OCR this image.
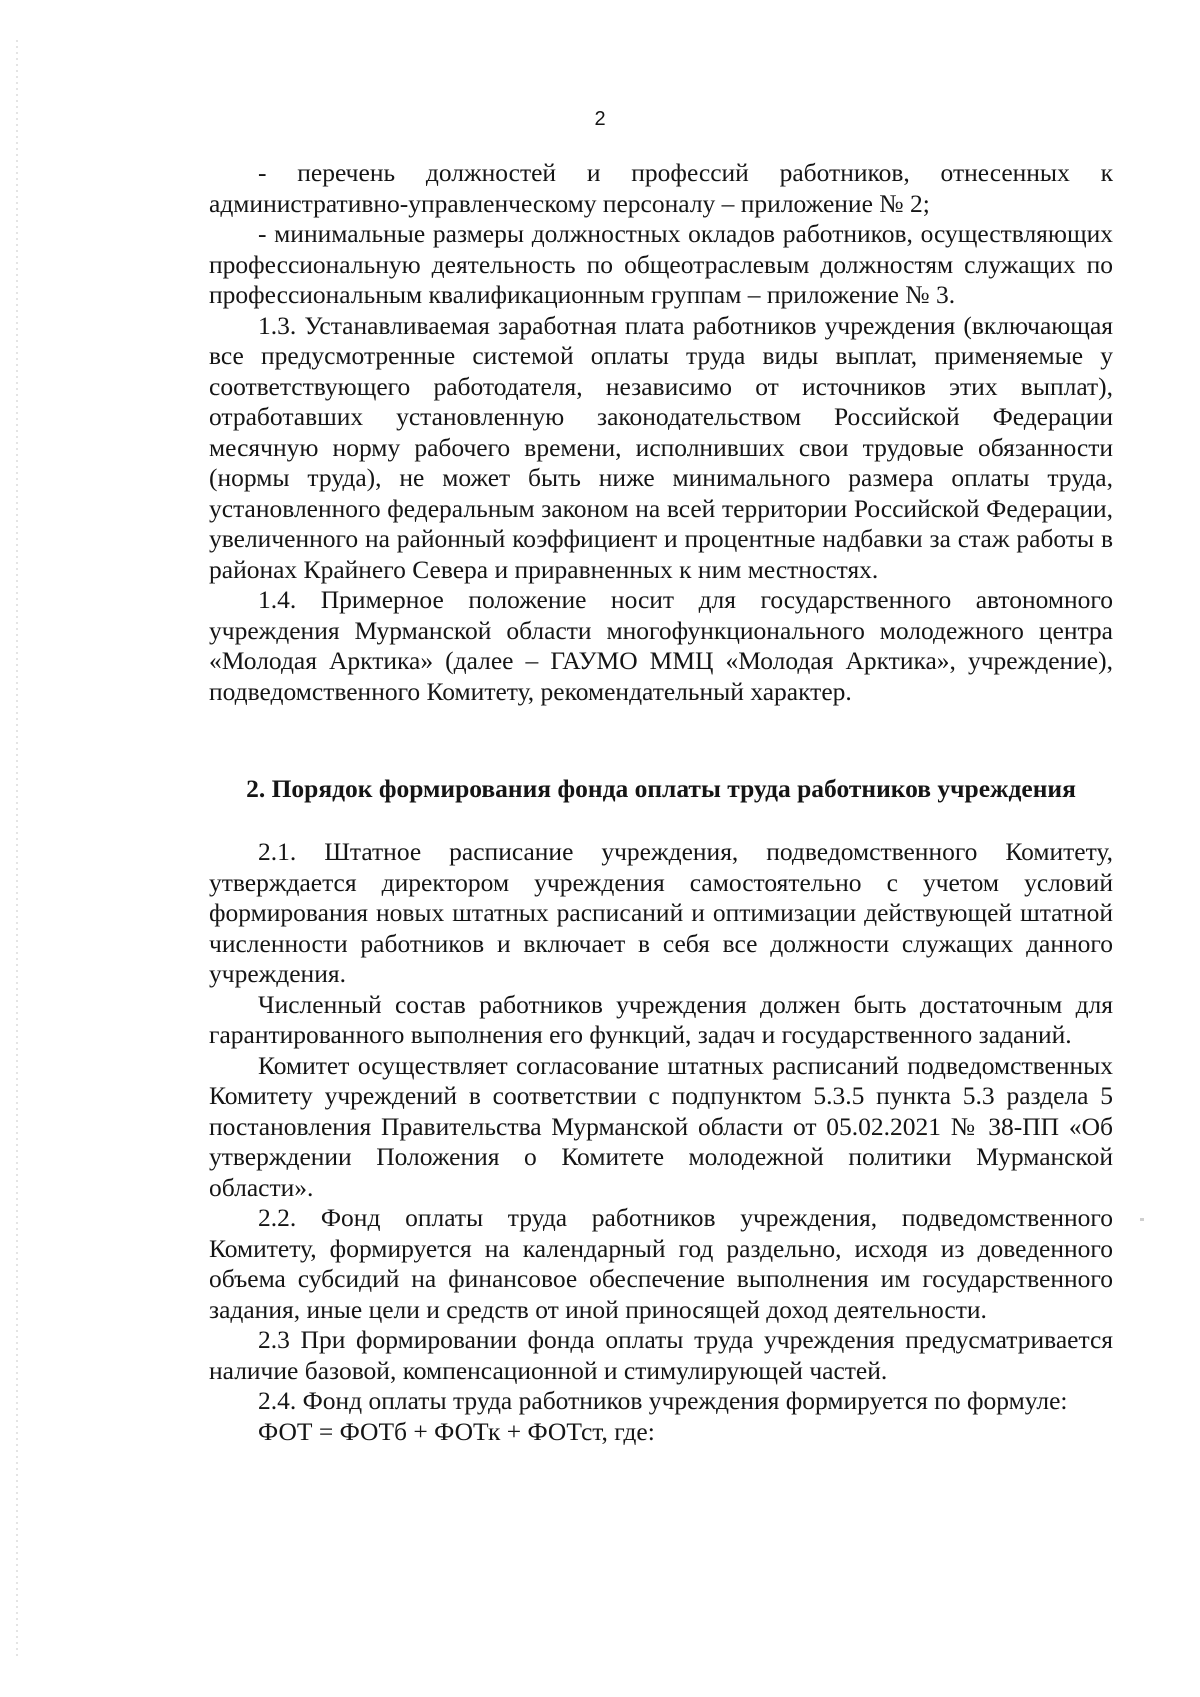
2

- перечень должностей и профессий работников, отнесенных к административно-управленческому персоналу – приложение № 2;

- минимальные размеры должностных окладов работников, осуществляющих профессиональную деятельность по общеотраслевым должностям служащих по профессиональным квалификационным группам – приложение № 3.

1.3. Устанавливаемая заработная плата работников учреждения (включающая все предусмотренные системой оплаты труда виды выплат, применяемые у соответствующего работодателя, независимо от источников этих выплат), отработавших установленную законодательством Российской Федерации месячную норму рабочего времени, исполнивших свои трудовые обязанности (нормы труда), не может быть ниже минимального размера оплаты труда, установленного федеральным законом на всей территории Российской Федерации, увеличенного на районный коэффициент и процентные надбавки за стаж работы в районах Крайнего Севера и приравненных к ним местностях.

1.4. Примерное положение носит для государственного автономного учреждения Мурманской области многофункционального молодежного центра «Молодая Арктика» (далее – ГАУМО ММЦ «Молодая Арктика», учреждение), подведомственного Комитету, рекомендательный характер.

2. Порядок формирования фонда оплаты труда работников учреждения

2.1. Штатное расписание учреждения, подведомственного Комитету, утверждается директором учреждения самостоятельно с учетом условий формирования новых штатных расписаний и оптимизации действующей штатной численности работников и включает в себя все должности служащих данного учреждения.

Численный состав работников учреждения должен быть достаточным для гарантированного выполнения его функций, задач и государственного заданий.

Комитет осуществляет согласование штатных расписаний подведомственных Комитету учреждений в соответствии с подпунктом 5.3.5 пункта 5.3 раздела 5 постановления Правительства Мурманской области от 05.02.2021 № 38-ПП «Об утверждении Положения о Комитете молодежной политики Мурманской области».

2.2. Фонд оплаты труда работников учреждения, подведомственного Комитету, формируется на календарный год раздельно, исходя из доведенного объема субсидий на финансовое обеспечение выполнения им государственного задания, иные цели и средств от иной приносящей доход деятельности.

2.3 При формировании фонда оплаты труда учреждения предусматривается наличие базовой, компенсационной и стимулирующей частей.

2.4. Фонд оплаты труда работников учреждения формируется по формуле:

ФОТ = ФОТб + ФОТк + ФОТст, где:
